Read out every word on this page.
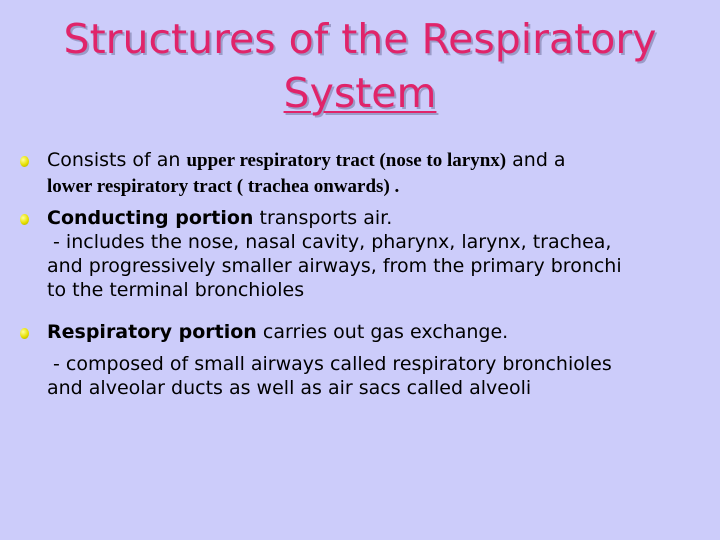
Structures of the Respiratory
System
Consists of an upper respiratory tract (nose to larynx) and a
lower respiratory tract ( trachea onwards) .
Conducting portion transports air.
- includes the nose, nasal cavity, pharynx, larynx, trachea,
and progressively smaller airways, from the primary bronchi
to the terminal bronchioles
Respiratory portion carries out gas exchange.
- composed of small airways called respiratory bronchioles
and alveolar ducts as well as air sacs called alveoli
